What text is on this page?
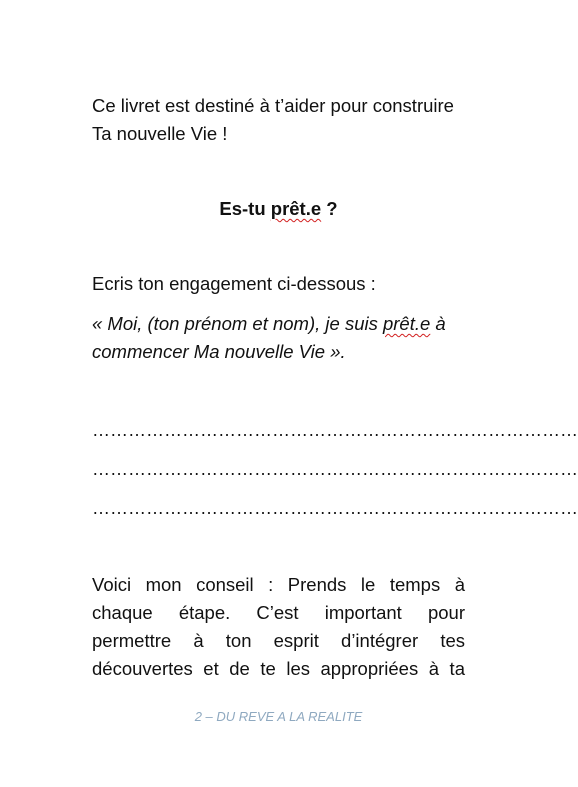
Ce livret est destiné à t’aider pour construire
Ta nouvelle Vie !

Es-tu prêt.e ?

Ecris ton engagement ci-dessous :

« Moi, (ton prénom et nom), je suis prêt.e à commencer Ma nouvelle Vie ».

………………………………………………………………………
………………………………………………………………………
………………………………………………………………………

Voici mon conseil : Prends le temps à chaque étape. C’est important pour permettre à ton esprit d’intégrer tes découvertes et de te les appropriées à ta

2 – DU REVE A LA REALITE
